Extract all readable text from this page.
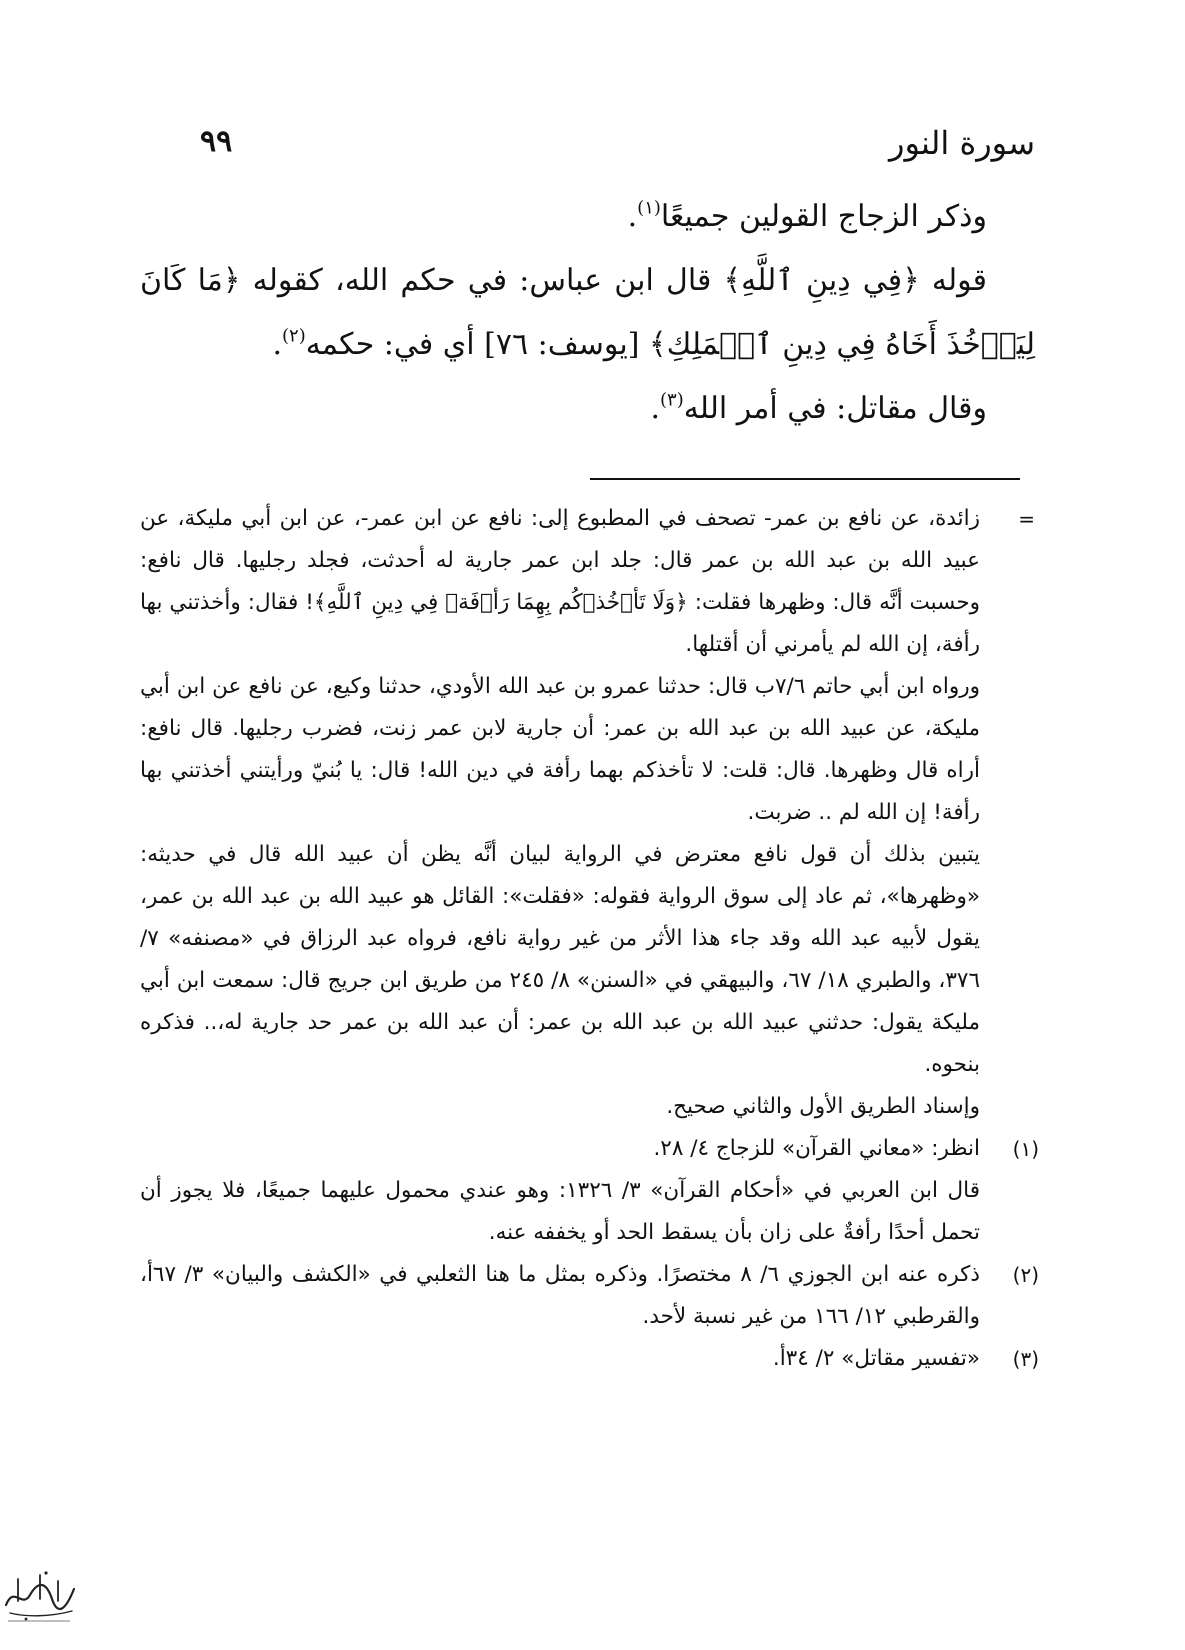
سورة النور
٩٩

وذكر الزجاج القولين جميعًا$^{(١)}$.

قوله ﴿فِي دِينِ ٱللَّهِ﴾ قال ابن عباس: في حكم الله، كقوله ﴿مَا كَانَ لِيَأۡخُذَ أَخَاهُ فِي دِينِ ٱلۡمَلِكِ﴾ [يوسف: ٧٦] أي في: حكمه$^{(٢)}$.

وقال مقاتل: في أمر الله$^{(٣)}$.

=

زائدة، عن نافع بن عمر- تصحف في المطبوع إلى: نافع عن ابن عمر-، عن ابن أبي مليكة، عن عبيد الله بن عبد الله بن عمر قال: جلد ابن عمر جارية له أحدثت، فجلد رجليها. قال نافع: وحسبت أنَّه قال: وظهرها فقلت: ﴿وَلَا تَأۡخُذۡكُم بِهِمَا رَأۡفَةٞ فِي دِينِ ٱللَّهِ﴾! فقال: وأخذتني بها رأفة، إن الله لم يأمرني أن أقتلها.

ورواه ابن أبي حاتم ٧/٦ب قال: حدثنا عمرو بن عبد الله الأودي، حدثنا وكيع، عن نافع عن ابن أبي مليكة، عن عبيد الله بن عبد الله بن عمر: أن جارية لابن عمر زنت، فضرب رجليها. قال نافع: أراه قال وظهرها. قال: قلت: لا تأخذكم بهما رأفة في دين الله! قال: يا بُنيّ ورأيتني أخذتني بها رأفة! إن الله لم .. ضربت.

يتبين بذلك أن قول نافع معترض في الرواية لبيان أنَّه يظن أن عبيد الله قال في حديثه: «وظهرها»، ثم عاد إلى سوق الرواية فقوله: «فقلت»: القائل هو عبيد الله بن عبد الله بن عمر، يقول لأبيه عبد الله وقد جاء هذا الأثر من غير رواية نافع، فرواه عبد الرزاق في «مصنفه» ٧/ ٣٧٦، والطبري ١٨/ ٦٧، والبيهقي في «السنن» ٨/ ٢٤٥ من طريق ابن جريج قال: سمعت ابن أبي مليكة يقول: حدثني عبيد الله بن عبد الله بن عمر: أن عبد الله بن عمر حد جارية له،.. فذكره بنحوه.

وإسناد الطريق الأول والثاني صحيح.

(١)

انظر: «معاني القرآن» للزجاج ٤/ ٢٨.

قال ابن العربي في «أحكام القرآن» ٣/ ١٣٢٦: وهو عندي محمول عليهما جميعًا، فلا يجوز أن تحمل أحدًا رأفةٌ على زان بأن يسقط الحد أو يخففه عنه.

(٢)

ذكره عنه ابن الجوزي ٦/ ٨ مختصرًا. وذكره بمثل ما هنا الثعلبي في «الكشف والبيان» ٣/ ٦٧أ، والقرطبي ١٢/ ١٦٦ من غير نسبة لأحد.

(٣)

«تفسير مقاتل» ٢/ ٣٤أ.
